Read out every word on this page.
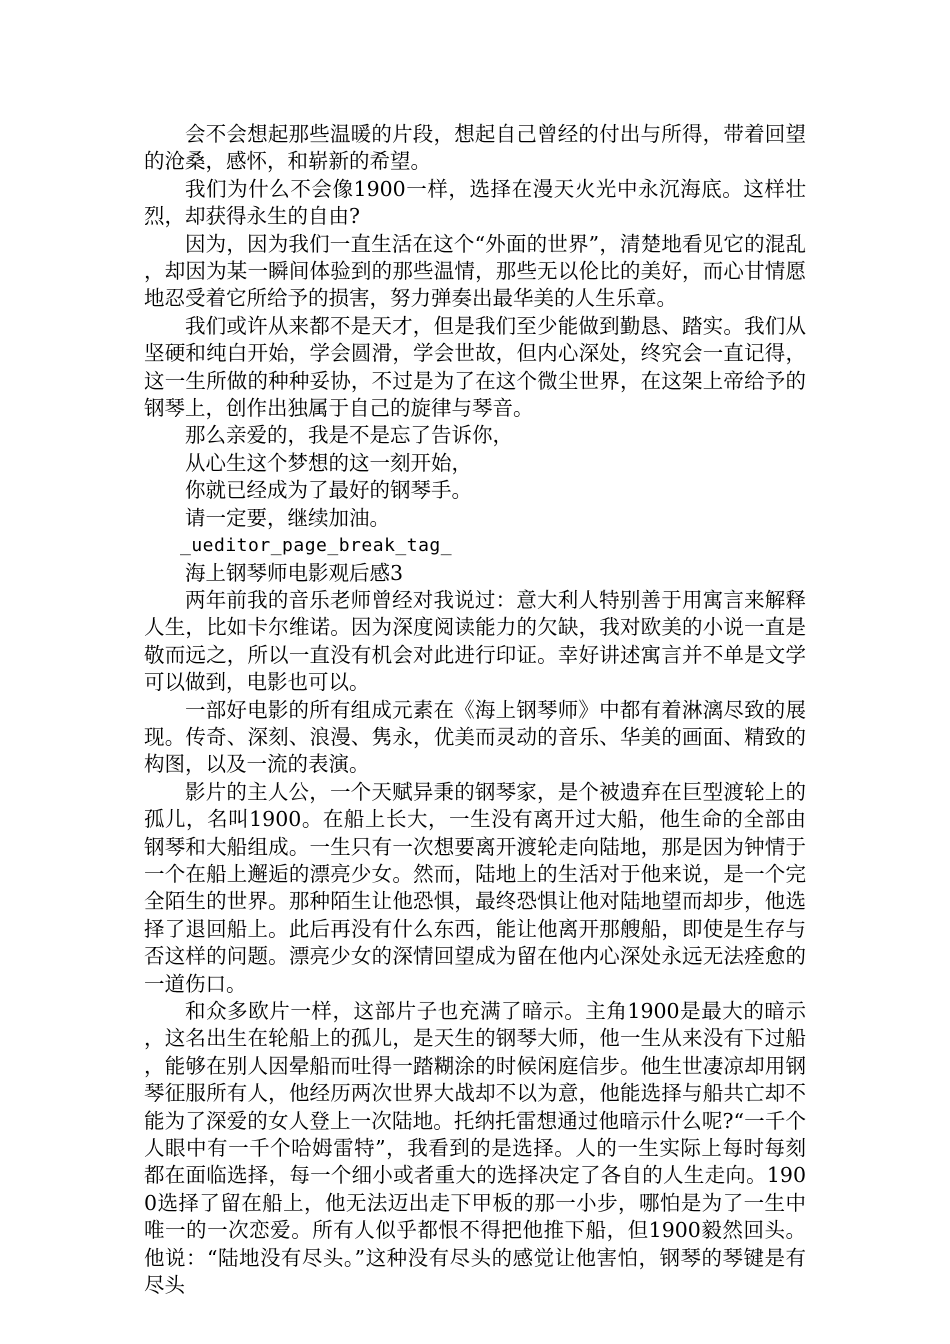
会不会想起那些温暖的片段，想起自己曾经的付出与所得，带着回望的沧桑，感怀，和崭新的希望。

我们为什么不会像1900一样，选择在漫天火光中永沉海底。这样壮烈，却获得永生的自由?

因为，因为我们一直生活在这个“外面的世界”，清楚地看见它的混乱，却因为某一瞬间体验到的那些温情，那些无以伦比的美好，而心甘情愿地忍受着它所给予的损害，努力弹奏出最华美的人生乐章。

我们或许从来都不是天才，但是我们至少能做到勤恳、踏实。我们从坚硬和纯白开始，学会圆滑，学会世故，但内心深处，终究会一直记得，这一生所做的种种妥协，不过是为了在这个微尘世界，在这架上帝给予的钢琴上，创作出独属于自己的旋律与琴音。

那么亲爱的，我是不是忘了告诉你，

从心生这个梦想的这一刻开始，

你就已经成为了最好的钢琴手。

请一定要，继续加油。

_ueditor_page_break_tag_

海上钢琴师电影观后感3

两年前我的音乐老师曾经对我说过：意大利人特别善于用寓言来解释人生，比如卡尔维诺。因为深度阅读能力的欠缺，我对欧美的小说一直是敬而远之，所以一直没有机会对此进行印证。幸好讲述寓言并不单是文学可以做到，电影也可以。

一部好电影的所有组成元素在《海上钢琴师》中都有着淋漓尽致的展现。传奇、深刻、浪漫、隽永，优美而灵动的音乐、华美的画面、精致的构图，以及一流的表演。

影片的主人公，一个天赋异秉的钢琴家，是个被遗弃在巨型渡轮上的孤儿，名叫1900。在船上长大，一生没有离开过大船，他生命的全部由钢琴和大船组成。一生只有一次想要离开渡轮走向陆地，那是因为钟情于一个在船上邂逅的漂亮少女。然而，陆地上的生活对于他来说，是一个完全陌生的世界。那种陌生让他恐惧，最终恐惧让他对陆地望而却步，他选择了退回船上。此后再没有什么东西，能让他离开那艘船，即使是生存与否这样的问题。漂亮少女的深情回望成为留在他内心深处永远无法痊愈的一道伤口。

和众多欧片一样，这部片子也充满了暗示。主角1900是最大的暗示，这名出生在轮船上的孤儿，是天生的钢琴大师，他一生从来没有下过船，能够在别人因晕船而吐得一踏糊涂的时候闲庭信步。他生世凄凉却用钢琴征服所有人，他经历两次世界大战却不以为意，他能选择与船共亡却不能为了深爱的女人登上一次陆地。托纳托雷想通过他暗示什么呢?“一千个人眼中有一千个哈姆雷特”，我看到的是选择。人的一生实际上每时每刻都在面临选择，每一个细小或者重大的选择决定了各自的人生走向。1900选择了留在船上，他无法迈出走下甲板的那一小步，哪怕是为了一生中唯一的一次恋爱。所有人似乎都恨不得把他推下船，但1900毅然回头。他说：“陆地没有尽头。”这种没有尽头的感觉让他害怕，钢琴的琴键是有尽头
